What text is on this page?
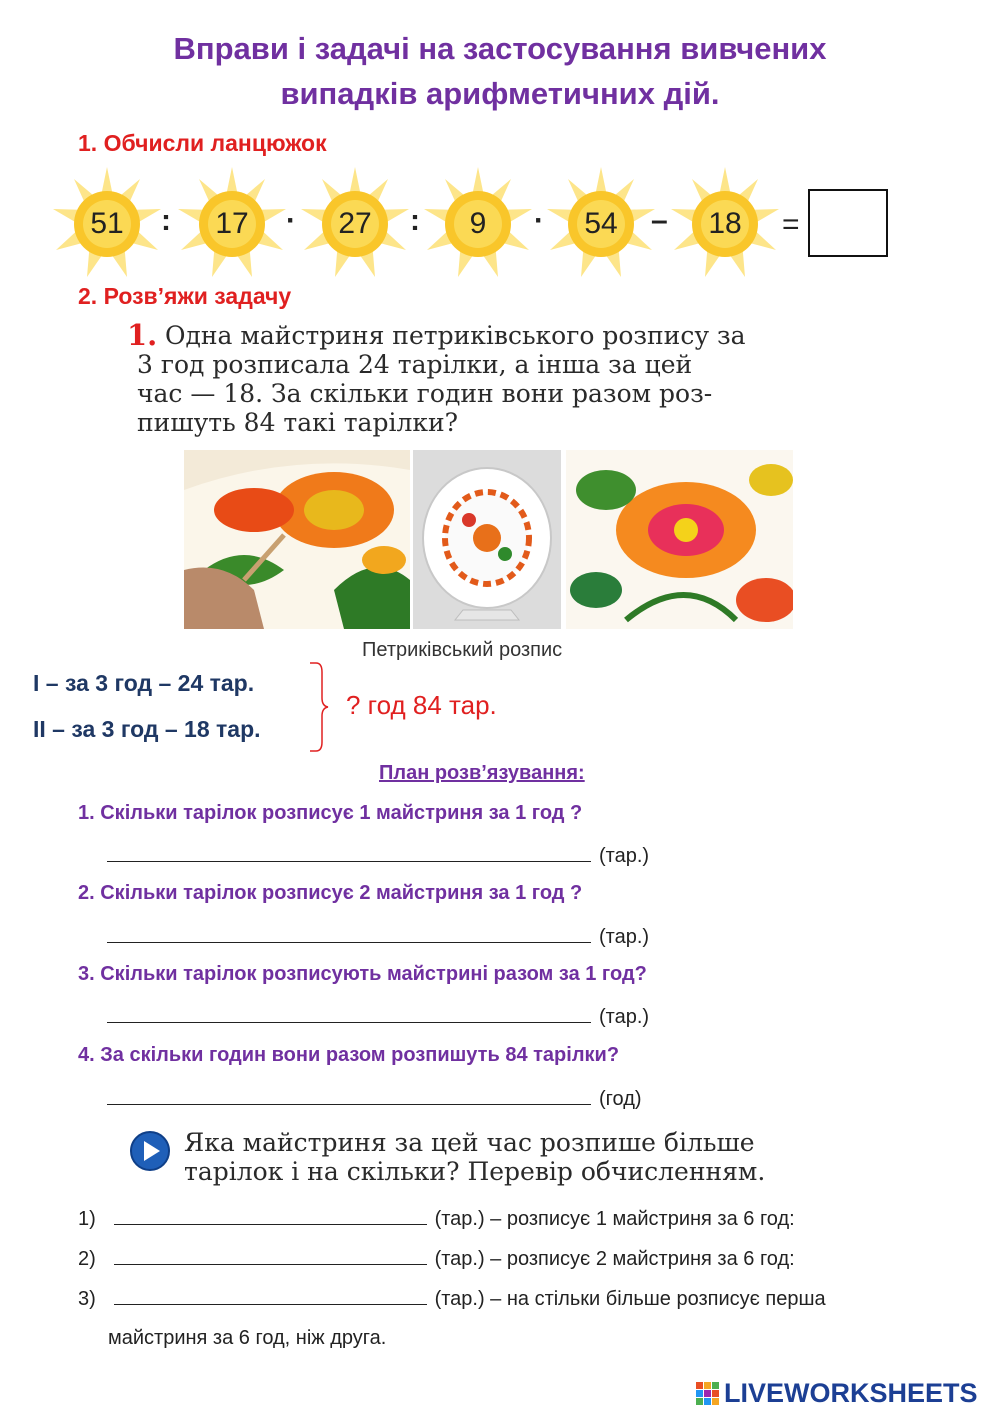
Вправи і задачі на застосування вивчених
випадків арифметичних дій.
1. Обчисли ланцюжок
51	:	17	·	27	:	9	·	54	–	18	=
2. Розв’яжи задачу
1. Одна майстриня петриківського розпису за
3 год розписала 24 тарілки, а інша за цей
час — 18. За скільки годин вони разом роз-
пишуть 84 такі тарілки?
Петриківський розпис
І – за 3 год – 24 тар.
ІІ – за 3 год – 18 тар.
? год 84 тар.
План розв’язування:
1. Скільки тарілок розписує 1 майстриня за 1 год ?
(тар.)
2. Скільки тарілок розписує 2 майстриня за 1 год ?
(тар.)
3. Скільки тарілок розписують майстрині разом за 1 год?
(тар.)
4. За скільки годин вони разом розпишуть 84 тарілки?
(год)
Яка майстриня за цей час розпише більше
тарілок і на скільки? Перевір обчисленням.
1)	(тар.) – розписує 1 майстриня за 6 год:
2)	(тар.) – розписує 2 майстриня за 6 год:
3)	(тар.) – на стільки більше розписує перша
майстриня за 6 год, ніж друга.
LIVEWORKSHEETS
